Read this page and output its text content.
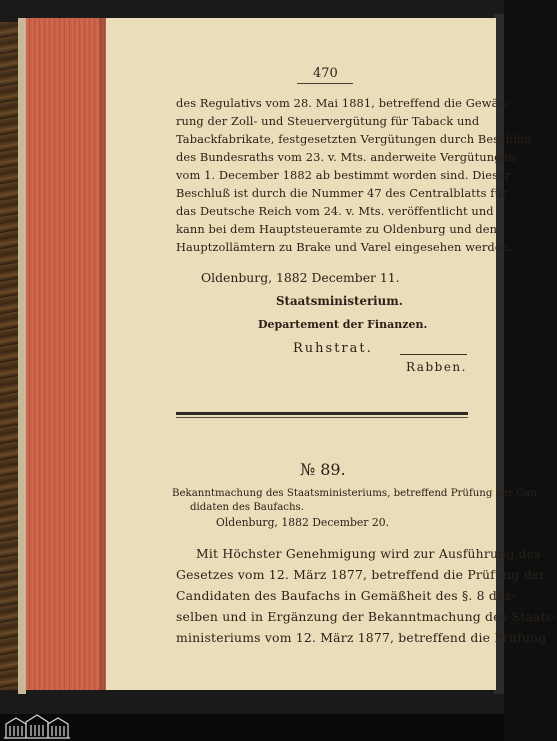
470
des Regulativs vom 28. Mai 1881, betreffend die Gewäh-
rung der Zoll- und Steuervergütung für Taback und
Tabackfabrikate, festgesetzten Vergütungen durch Beschluß
des Bundesraths vom 23. v. Mts. anderweite Vergütungen
vom 1. December 1882 ab bestimmt worden sind. Dieser
Beschluß ist durch die Nummer 47 des Centralblatts für
das Deutsche Reich vom 24. v. Mts. veröffentlicht und
kann bei dem Hauptsteueramte zu Oldenburg und den
Hauptzollämtern zu Brake und Varel eingesehen werden.
Oldenburg, 1882 December 11.
Staatsministerium.
Departement der Finanzen.
Ruhstrat.
Rabben.
№ 89.
Bekanntmachung des Staatsministeriums, betreffend Prüfung der Can-
didaten des Baufachs.
Oldenburg, 1882 December 20.
Mit Höchster Genehmigung wird zur Ausführung des
Gesetzes vom 12. März 1877, betreffend die Prüfung der
Candidaten des Baufachs in Gemäßheit des §. 8 des-
selben und in Ergänzung der Bekanntmachung des Staats-
ministeriums vom 12. März 1877, betreffend die Prüfung
